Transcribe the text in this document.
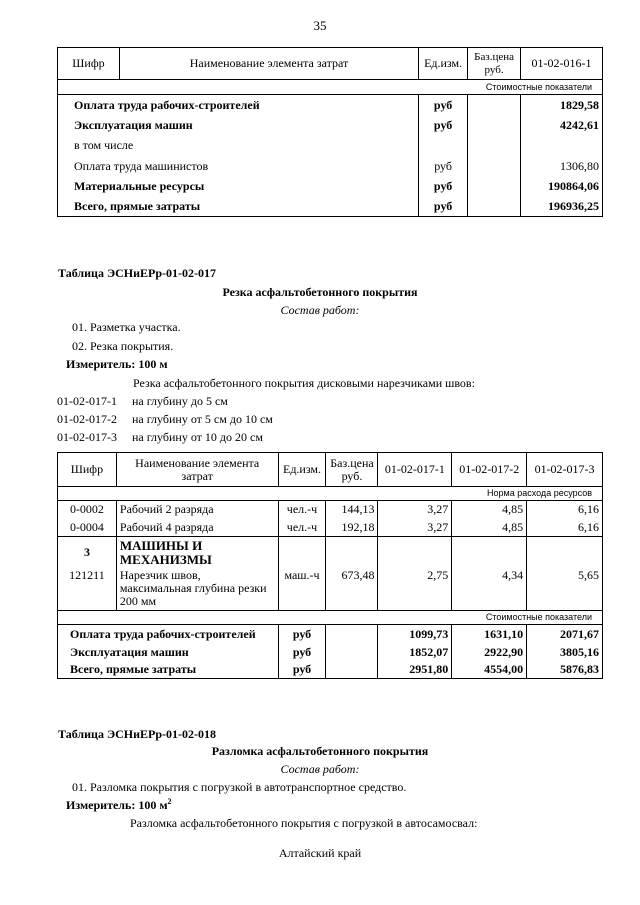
35
Шифр	Наименование элемента затрат	Ед.изм.	Баз.цена руб.	01-02-016-1
Стоимостные показатели				
Оплата труда рабочих-строителей		руб		1829,58
Эксплуатация машин		руб		4242,61
в том числе				
Оплата труда машинистов		руб		1306,80
Материальные ресурсы		руб		190864,06
Всего, прямые затраты		руб		196936,25
Таблица ЭСНиЕРр-01-02-017
Резка асфальтобетонного покрытия
Состав работ:
01. Разметка участка.
02. Резка покрытия.
Измеритель: 100 м
Резка асфальтобетонного покрытия дисковыми нарезчиками швов:
01-02-017-1 на глубину до 5 см
01-02-017-2 на глубину от 5 см до 10 см
01-02-017-3 на глубину от 10 до 20 см
Шифр	Наименование элемента затрат	Ед.изм.	Баз.цена руб.	01-02-017-1	01-02-017-2	01-02-017-3
Норма расхода ресурсов						
0-0002	Рабочий 2 разряда	чел.-ч	144,13	3,27	4,85	6,16
0-0004	Рабочий 4 разряда	чел.-ч	192,18	3,27	4,85	6,16
3	МАШИНЫ И МЕХАНИЗМЫ					
121211	Нарезчик швов, максимальная глубина резки 200 мм	маш.-ч	673,48	2,75	4,34	5,65
Стоимостные показатели						
Оплата труда рабочих-строителей		руб		1099,73	1631,10	2071,67
Эксплуатация машин		руб		1852,07	2922,90	3805,16
Всего, прямые затраты		руб		2951,80	4554,00	5876,83
Таблица ЭСНиЕРр-01-02-018
Разломка асфальтобетонного покрытия
Состав работ:
01. Разломка покрытия с погрузкой в автотранспортное средство.
Измеритель: 100 $м^2$
Разломка асфальтобетонного покрытия с погрузкой в автосамосвал:
Алтайский край
